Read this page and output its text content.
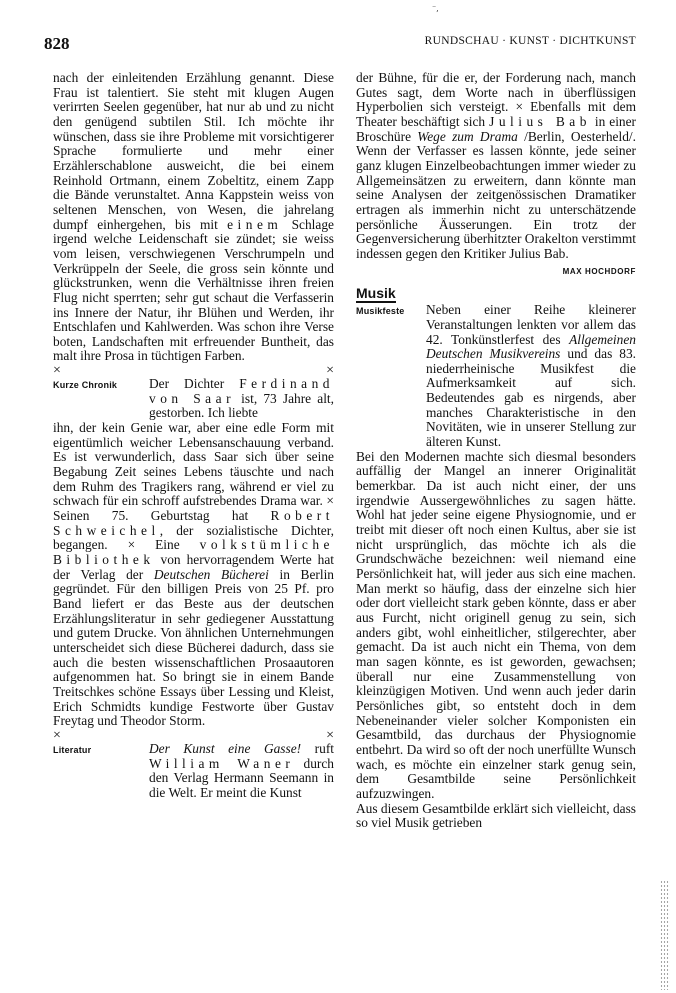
⁻,
828	RUNDSCHAU · KUNST · DICHTKUNST

nach der einleitenden Erzählung genannt. Diese Frau ist talentiert. Sie steht mit klugen Augen verirrten Seelen gegenüber, hat nur ab und zu nicht den genügend subtilen Stil. Ich möchte ihr wünschen, dass sie ihre Probleme mit vorsichtigerer Sprache formulierte und mehr einer Erzählerschablone ausweicht, die bei einem Reinhold Ortmann, einem Zobeltitz, einem Zapp die Bände verunstaltet. Anna Kappstein weiss von seltenen Menschen, von Wesen, die jahrelang dumpf einhergehen, bis mit einem Schlage irgend welche Leidenschaft sie zündet; sie weiss vom leisen, verschwiegenen Verschrumpeln und Verkrüppeln der Seele, die gross sein könnte und glückstrunken, wenn die Verhältnisse ihren freien Flug nicht sperrten; sehr gut schaut die Verfasserin ins Innere der Natur, ihr Blühen und Werden, ihr Entschlafen und Kahlwerden. Was schon ihre Verse boten, Landschaften mit erfreuender Buntheit, das malt ihre Prosa in tüchtigen Farben.

×	×
Kurze Chronik Der Dichter Ferdinand von Saar ist, 73 Jahre alt, gestorben. Ich liebte
ihn, der kein Genie war, aber eine edle Form mit eigentümlich weicher Lebensanschauung verband. Es ist verwunderlich, dass Saar sich über seine Begabung Zeit seines Lebens täuschte und nach dem Ruhm des Tragikers rang, während er viel zu schwach für ein schroff aufstrebendes Drama war. × Seinen 75. Geburtstag hat Robert Schweichel, der sozialistische Dichter, begangen. × Eine volkstümliche Bibliothek von hervorragendem Werte hat der Verlag der Deutschen Bücherei in Berlin gegründet. Für den billigen Preis von 25 Pf. pro Band liefert er das Beste aus der deutschen Erzählungsliteratur in sehr gediegener Ausstattung und gutem Drucke. Von ähnlichen Unternehmungen unterscheidet sich diese Bücherei dadurch, dass sie auch die besten wissenschaftlichen Prosaautoren aufgenommen hat. So bringt sie in einem Bande Treitschkes schöne Essays über Lessing und Kleist, Erich Schmidts kundige Festworte über Gustav Freytag und Theodor Storm.

×	×
Literatur	Der Kunst eine Gasse! ruft William Waner durch den Verlag Hermann Seemann in die Welt. Er meint die Kunst

der Bühne, für die er, der Forderung nach, manch Gutes sagt, dem Worte nach in überflüssigen Hyperbolien sich versteigt. × Ebenfalls mit dem Theater beschäftigt sich Julius Bab in einer Broschüre Wege zum Drama /Berlin, Oesterheld/. Wenn der Verfasser es lassen könnte, jede seiner ganz klugen Einzelbeobachtungen immer wieder zu Allgemeinsätzen zu erweitern, dann könnte man seine Analysen der zeitgenössischen Dramatiker ertragen als immerhin nicht zu unterschätzende persönliche Äusserungen. Ein trotz der Gegenversicherung überhitzter Orakelton verstimmt indessen gegen den Kritiker Julius Bab.
MAX HOCHDORF

Musik
Musikfeste Neben einer Reihe kleinerer Veranstaltungen lenkten vor allem das 42. Tonkünstlerfest des Allgemeinen Deutschen Musikvereins und das 83. niederrheinische Musikfest die Aufmerksamkeit auf sich. Bedeutendes gab es nirgends, aber manches Charakteristische in den Novitäten, wie in unserer Stellung zur älteren Kunst.

Bei den Modernen machte sich diesmal besonders auffällig der Mangel an innerer Originalität bemerkbar. Da ist auch nicht einer, der uns irgendwie Aussergewöhnliches zu sagen hätte. Wohl hat jeder seine eigene Physiognomie, und er treibt mit dieser oft noch einen Kultus, aber sie ist nicht ursprünglich, das möchte ich als die Grundschwäche bezeichnen: weil niemand eine Persönlichkeit hat, will jeder aus sich eine machen. Man merkt so häufig, dass der einzelne sich hier oder dort vielleicht stark geben könnte, dass er aber aus Furcht, nicht originell genug zu sein, sich anders gibt, wohl einheitlicher, stilgerechter, aber gemacht. Da ist auch nicht ein Thema, von dem man sagen könnte, es ist geworden, gewachsen; überall nur eine Zusammenstellung von kleinzügigen Motiven. Und wenn auch jeder darin Persönliches gibt, so entsteht doch in dem Nebeneinander vieler solcher Komponisten ein Gesamtbild, das durchaus der Physiognomie entbehrt. Da wird so oft der noch unerfüllte Wunsch wach, es möchte ein einzelner stark genug sein, dem Gesamtbilde seine Persönlichkeit aufzuzwingen.

Aus diesem Gesamtbilde erklärt sich vielleicht, dass so viel Musik getrieben
